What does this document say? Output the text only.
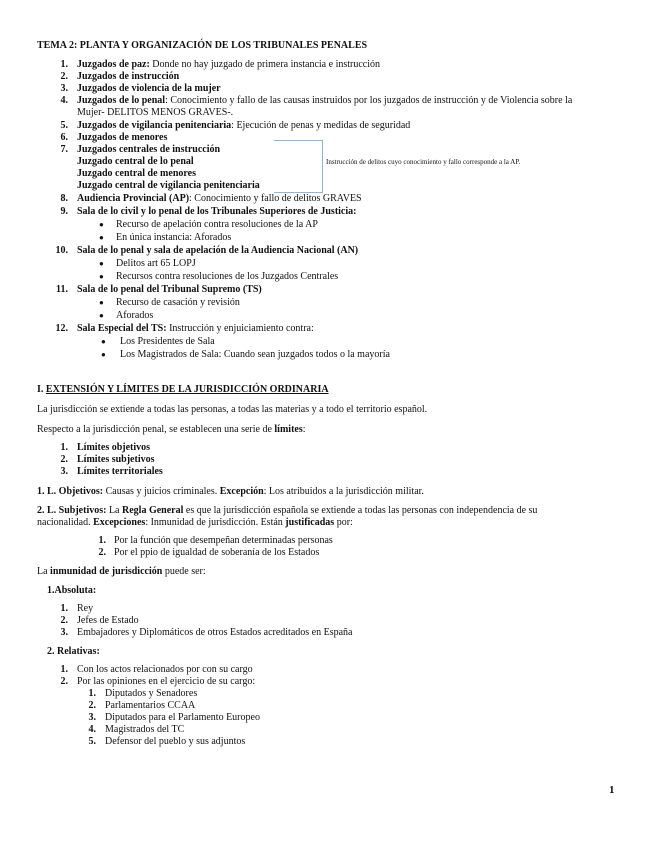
TEMA 2: PLANTA Y ORGANIZACIÓN DE LOS TRIBUNALES PENALES
1. Juzgados de paz: Donde no hay juzgado de primera instancia e instrucción
2. Juzgados de instrucción
3. Juzgados de violencia de la mujer
4. Juzgados de lo penal: Conocimiento y fallo de las causas instruidos por los juzgados de instrucción y de Violencia sobre la
Mujer- DELITOS MENOS GRAVES-.
5. Juzgados de vigilancia penitenciaria: Ejecución de penas y medidas de seguridad
6. Juzgados de menores
7. Juzgados centrales de instrucción
Juzgado central de lo penal
Juzgado central de menores
Juzgado central de vigilancia penitenciaria
Instrucción de delitos cuyo conocimiento y fallo corresponde a la AP.
8. Audiencia Provincial (AP): Conocimiento y fallo de delitos GRAVES
9. Sala de lo civil y lo penal de los Tribunales Superiores de Justicia:
● Recurso de apelación contra resoluciones de la AP
● En única instancia: Aforados
10. Sala de lo penal y sala de apelación de la Audiencia Nacional (AN)
● Delitos art 65 LOPJ
● Recursos contra resoluciones de los Juzgados Centrales
11. Sala de lo penal del Tribunal Supremo (TS)
● Recurso de casación y revisión
● Aforados
12. Sala Especial del TS: Instrucción y enjuiciamiento contra:
● Los Presidentes de Sala
● Los Magistrados de Sala: Cuando sean juzgados todos o la mayoría
I. EXTENSIÓN Y LÍMITES DE LA JURISDICCIÓN ORDINARIA
La jurisdicción se extiende a todas las personas, a todas las materias y a todo el territorio español.
Respecto a la jurisdicción penal, se establecen una serie de límites:
1. Límites objetivos
2. Límites subjetivos
3. Límites territoriales
1. L. Objetivos: Causas y juicios criminales. Excepción: Los atribuidos a la jurisdicción militar.
2. L. Subjetivos: La Regla General es que la jurisdicción española se extiende a todas las personas con independencia de su
nacionalidad. Excepciones: Inmunidad de jurisdicción. Están justificadas por:
1. Por la función que desempeñan determinadas personas
2. Por el ppio de igualdad de soberanía de los Estados
La inmunidad de jurisdicción puede ser:
1.Absoluta:
1. Rey
2. Jefes de Estado
3. Embajadores y Diplomáticos de otros Estados acreditados en España
2. Relativas:
1. Con los actos relacionados por con su cargo
2. Por las opiniones en el ejercicio de su cargo:
1. Diputados y Senadores
2. Parlamentarios CCAA
3. Diputados para el Parlamento Europeo
4. Magistrados del TC
5. Defensor del pueblo y sus adjuntos
1
